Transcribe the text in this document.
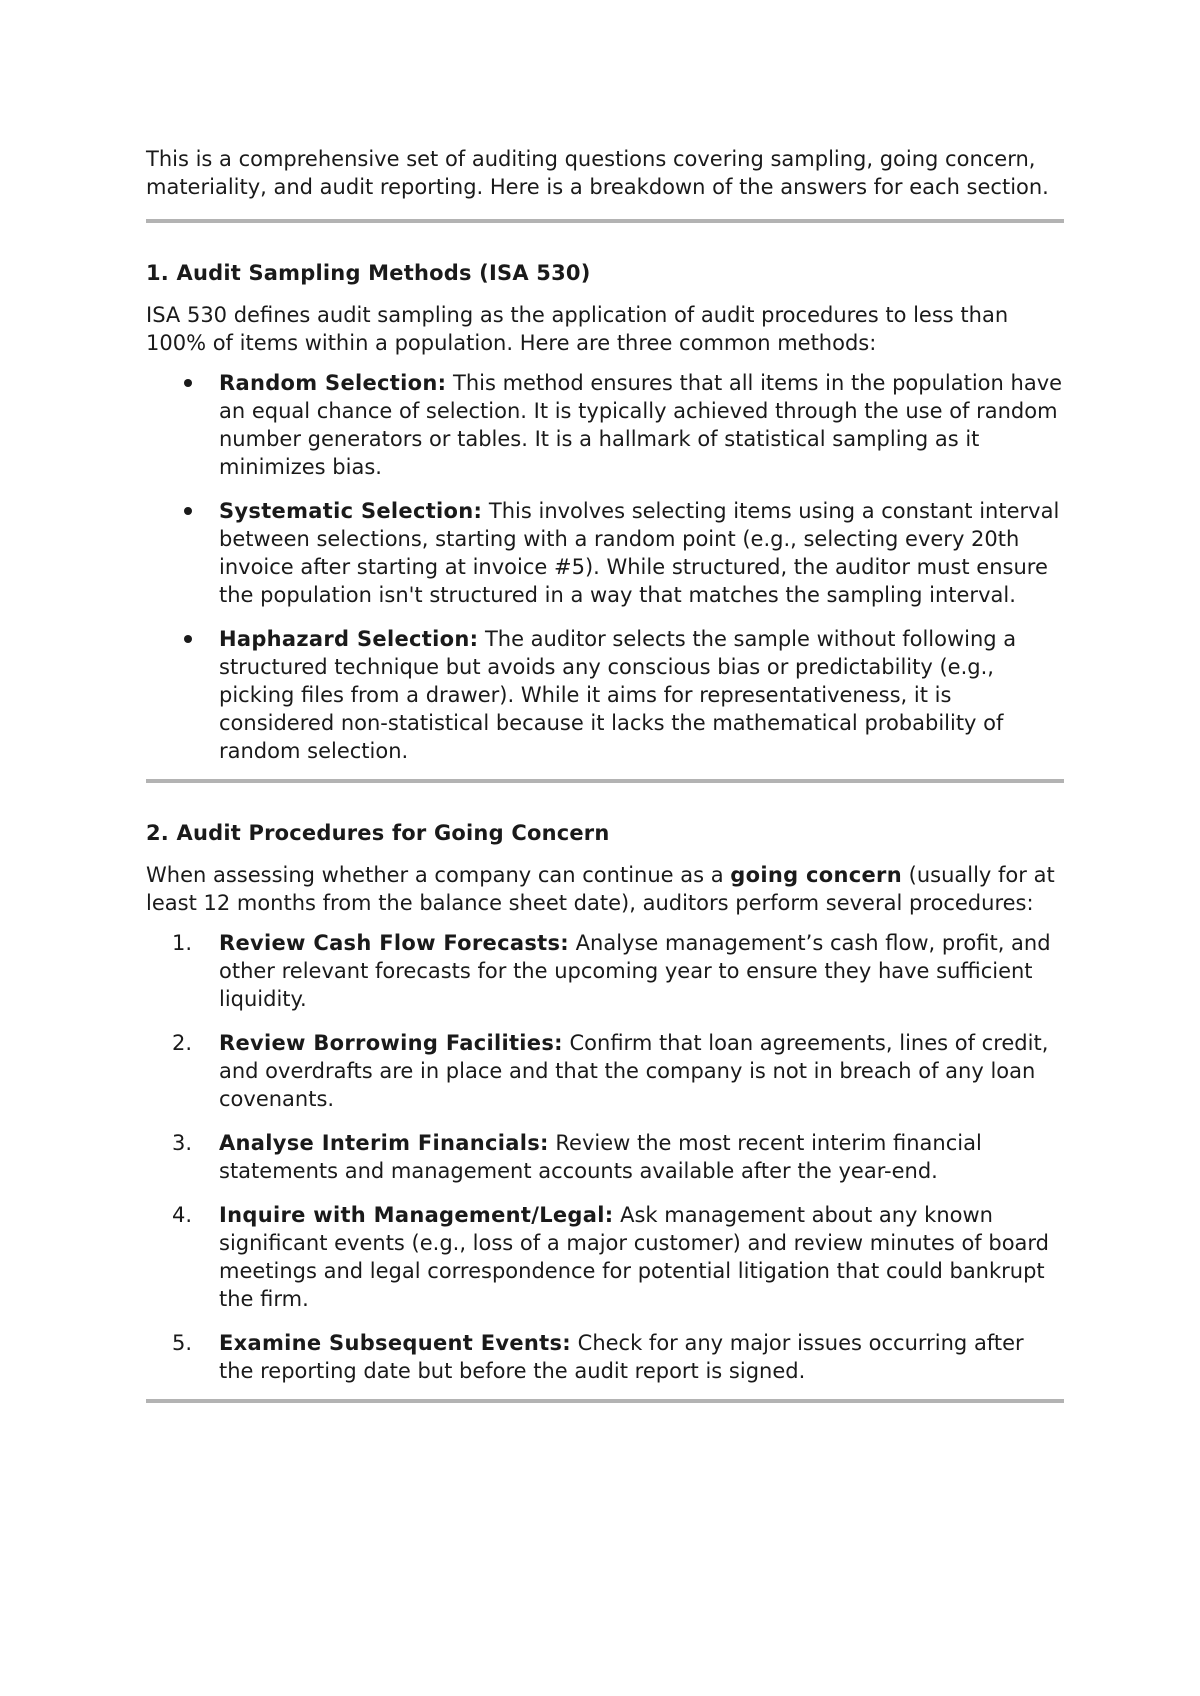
This is a comprehensive set of auditing questions covering sampling, going concern, materiality, and audit reporting. Here is a breakdown of the answers for each section.

1. Audit Sampling Methods (ISA 530)

ISA 530 defines audit sampling as the application of audit procedures to less than 100% of items within a population. Here are three common methods:

Random Selection: This method ensures that all items in the population have an equal chance of selection. It is typically achieved through the use of random number generators or tables. It is a hallmark of statistical sampling as it minimizes bias.
Systematic Selection: This involves selecting items using a constant interval between selections, starting with a random point (e.g., selecting every 20th invoice after starting at invoice #5). While structured, the auditor must ensure the population isn't structured in a way that matches the sampling interval.
Haphazard Selection: The auditor selects the sample without following a structured technique but avoids any conscious bias or predictability (e.g., picking files from a drawer). While it aims for representativeness, it is considered non-statistical because it lacks the mathematical probability of random selection.
2. Audit Procedures for Going Concern

When assessing whether a company can continue as a going concern (usually for at least 12 months from the balance sheet date), auditors perform several procedures:

1.	Review Cash Flow Forecasts: Analyse management’s cash flow, profit, and other relevant forecasts for the upcoming year to ensure they have sufficient liquidity.
2.	Review Borrowing Facilities: Confirm that loan agreements, lines of credit, and overdrafts are in place and that the company is not in breach of any loan covenants.
3.	Analyse Interim Financials: Review the most recent interim financial statements and management accounts available after the year-end.
4.	Inquire with Management/Legal: Ask management about any known significant events (e.g., loss of a major customer) and review minutes of board meetings and legal correspondence for potential litigation that could bankrupt the firm.
5.	Examine Subsequent Events: Check for any major issues occurring after the reporting date but before the audit report is signed.
